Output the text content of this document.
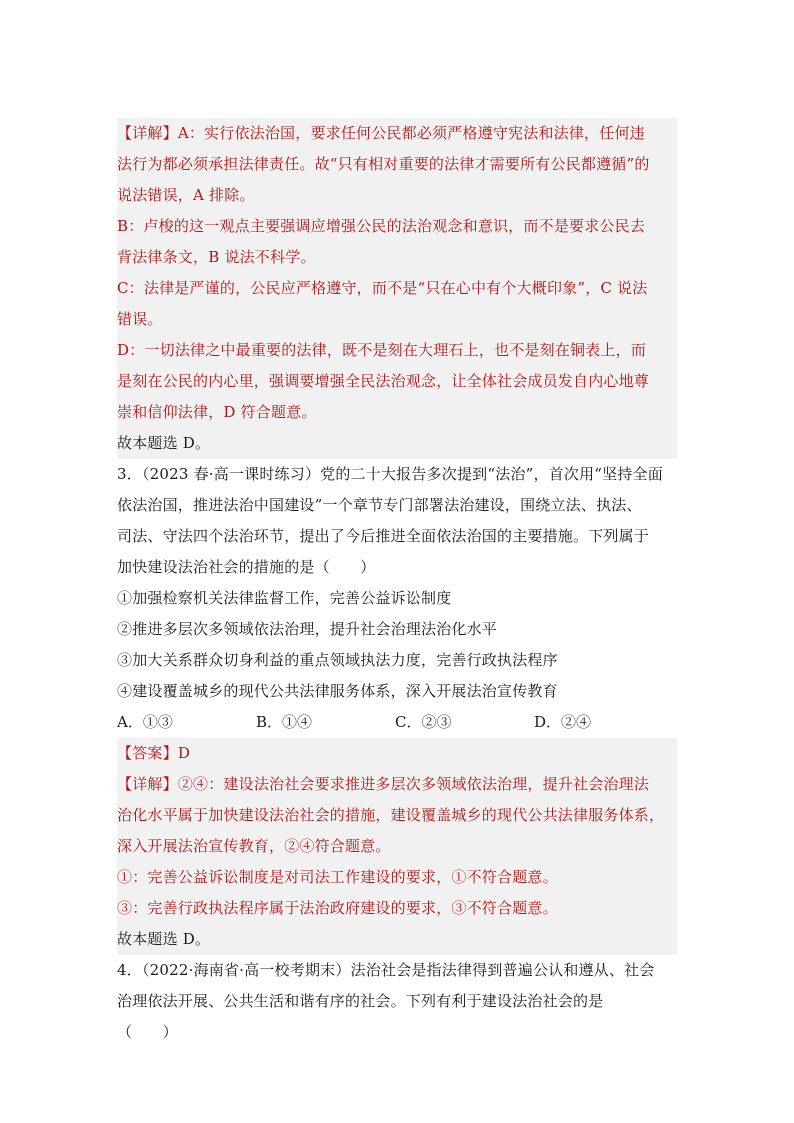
【详解】A：实行依法治国，要求任何公民都必须严格遵守宪法和法律，任何违
法行为都必须承担法律责任。故“只有相对重要的法律才需要所有公民都遵循”的
说法错误，A 排除。
B：卢梭的这一观点主要强调应增强公民的法治观念和意识，而不是要求公民去
背法律条文，B 说法不科学。
C：法律是严谨的，公民应严格遵守，而不是“只在心中有个大概印象”，C 说法
错误。
D：一切法律之中最重要的法律，既不是刻在大理石上，也不是刻在铜表上，而
是刻在公民的内心里，强调要增强全民法治观念，让全体社会成员发自内心地尊
崇和信仰法律，D 符合题意。
故本题选 D。
3．（2023 春·高一课时练习）党的二十大报告多次提到“法治”，首次用“坚持全面
依法治国，推进法治中国建设”一个章节专门部署法治建设，围绕立法、执法、
司法、守法四个法治环节，提出了今后推进全面依法治国的主要措施。下列属于
加快建设法治社会的措施的是（　　）
①加强检察机关法律监督工作，完善公益诉讼制度
②推进多层次多领域依法治理，提升社会治理法治化水平
③加大关系群众切身利益的重点领域执法力度，完善行政执法程序
④建设覆盖城乡的现代公共法律服务体系，深入开展法治宣传教育
A．①③	B．①④	C．②③	D．②④
【答案】D
【详解】②④：建设法治社会要求推进多层次多领域依法治理，提升社会治理法
治化水平属于加快建设法治社会的措施，建设覆盖城乡的现代公共法律服务体系，
深入开展法治宣传教育，②④符合题意。
①：完善公益诉讼制度是对司法工作建设的要求，①不符合题意。
③：完善行政执法程序属于法治政府建设的要求，③不符合题意。
故本题选 D。
4．（2022·海南省·高一校考期末）法治社会是指法律得到普遍公认和遵从、社会
治理依法开展、公共生活和谐有序的社会。下列有利于建设法治社会的是
（　　）
